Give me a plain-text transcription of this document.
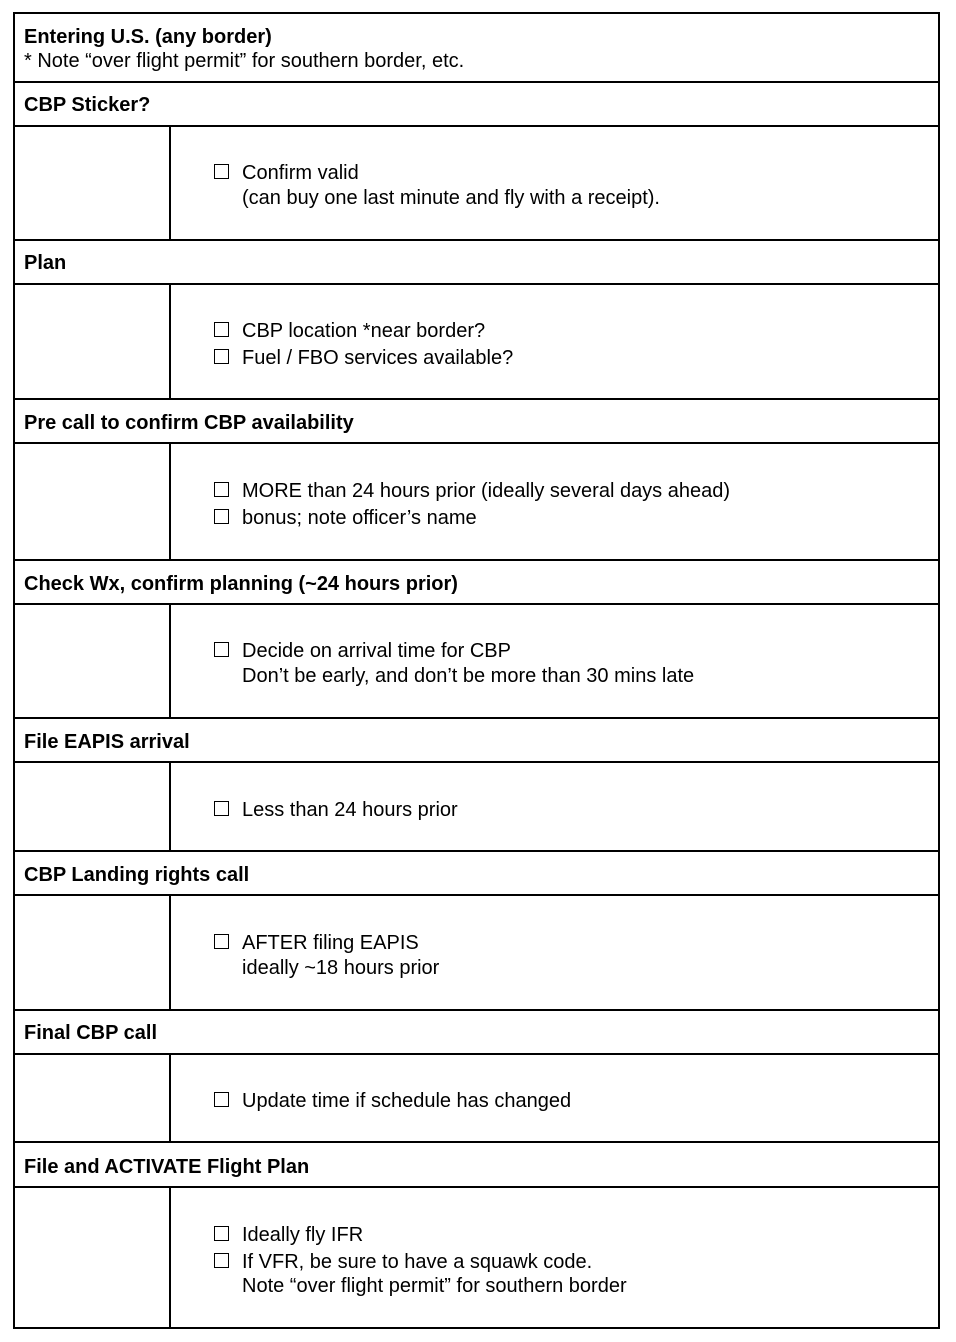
Entering U.S. (any border)
* Note “over flight permit” for southern border, etc.
CBP Sticker?
Confirm valid
(can buy one last minute and fly with a receipt).
Plan
CBP location *near border?
Fuel / FBO services available?
Pre call to confirm CBP availability
MORE than 24 hours prior (ideally several days ahead)
bonus; note officer’s name
Check Wx, confirm planning (~24 hours prior)
Decide on arrival time for CBP
Don’t be early, and don’t be more than 30 mins late
File EAPIS arrival
Less than 24 hours prior
CBP Landing rights call
AFTER filing EAPIS
ideally ~18 hours prior
Final CBP call
Update time if schedule has changed
File and ACTIVATE Flight Plan
Ideally fly IFR
If VFR, be sure to have a squawk code.
Note “over flight permit” for southern border
